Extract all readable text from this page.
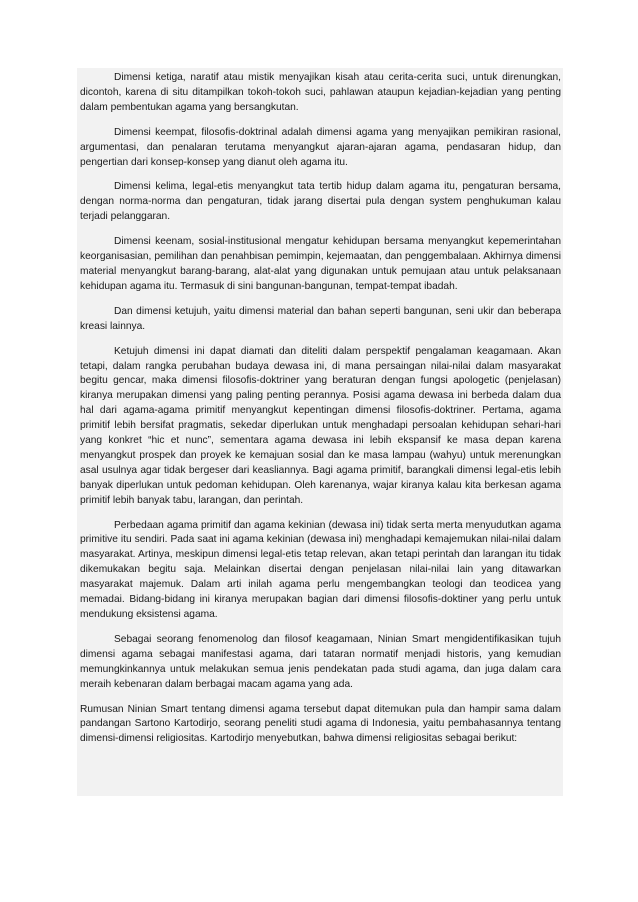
Dimensi ketiga, naratif atau mistik menyajikan kisah atau cerita-cerita suci, untuk direnungkan, dicontoh, karena di situ ditampilkan tokoh-tokoh suci, pahlawan ataupun kejadian-kejadian yang penting dalam pembentukan agama yang bersangkutan.

Dimensi keempat, filosofis-doktrinal adalah dimensi agama yang menyajikan pemikiran rasional, argumentasi, dan penalaran terutama menyangkut ajaran-ajaran agama, pendasaran hidup, dan pengertian dari konsep-konsep yang dianut oleh agama itu.

Dimensi kelima, legal-etis menyangkut tata tertib hidup dalam agama itu, pengaturan bersama, dengan norma-norma dan pengaturan, tidak jarang disertai pula dengan system penghukuman kalau terjadi pelanggaran.

Dimensi keenam, sosial-institusional mengatur kehidupan bersama menyangkut kepemerintahan keorganisasian, pemilihan dan penahbisan pemimpin, kejemaatan, dan penggembalaan. Akhirnya dimensi material menyangkut barang-barang, alat-alat yang digunakan untuk pemujaan atau untuk pelaksanaan kehidupan agama itu. Termasuk di sini bangunan-bangunan, tempat-tempat ibadah.

Dan dimensi ketujuh, yaitu dimensi material dan bahan seperti bangunan, seni ukir dan beberapa kreasi lainnya.

Ketujuh dimensi ini dapat diamati dan diteliti dalam perspektif pengalaman keagamaan. Akan tetapi, dalam rangka perubahan budaya dewasa ini, di mana persaingan nilai-nilai dalam masyarakat begitu gencar, maka dimensi filosofis-doktriner yang beraturan dengan fungsi apologetic (penjelasan) kiranya merupakan dimensi yang paling penting perannya. Posisi agama dewasa ini berbeda dalam dua hal dari agama-agama primitif menyangkut kepentingan dimensi filosofis-doktriner. Pertama, agama primitif lebih bersifat pragmatis, sekedar diperlukan untuk menghadapi persoalan kehidupan sehari-hari yang konkret “hic et nunc”, sementara agama dewasa ini lebih ekspansif ke masa depan karena menyangkut prospek dan proyek ke kemajuan sosial dan ke masa lampau (wahyu) untuk merenungkan asal usulnya agar tidak bergeser dari keasliannya. Bagi agama primitif, barangkali dimensi legal-etis lebih banyak diperlukan untuk pedoman kehidupan. Oleh karenanya, wajar kiranya kalau kita berkesan agama primitif lebih banyak tabu, larangan, dan perintah.

Perbedaan agama primitif dan agama kekinian (dewasa ini) tidak serta merta menyudutkan agama primitive itu sendiri. Pada saat ini agama kekinian (dewasa ini) menghadapi kemajemukan nilai-nilai dalam masyarakat. Artinya, meskipun dimensi legal-etis tetap relevan, akan tetapi perintah dan larangan itu tidak dikemukakan begitu saja. Melainkan disertai dengan penjelasan nilai-nilai lain yang ditawarkan masyarakat majemuk. Dalam arti inilah agama perlu mengembangkan teologi dan teodicea yang memadai. Bidang-bidang ini kiranya merupakan bagian dari dimensi filosofis-doktiner yang perlu untuk mendukung eksistensi agama.

Sebagai seorang fenomenolog dan filosof keagamaan, Ninian Smart mengidentifikasikan tujuh dimensi agama sebagai manifestasi agama, dari tataran normatif menjadi historis, yang kemudian memungkinkannya untuk melakukan semua jenis pendekatan pada studi agama, dan juga dalam cara meraih kebenaran dalam berbagai macam agama yang ada.

Rumusan Ninian Smart tentang dimensi agama tersebut dapat ditemukan pula dan hampir sama dalam pandangan Sartono Kartodirjo, seorang peneliti studi agama di Indonesia, yaitu pembahasannya tentang dimensi-dimensi religiositas. Kartodirjo menyebutkan, bahwa dimensi religiositas sebagai berikut:
